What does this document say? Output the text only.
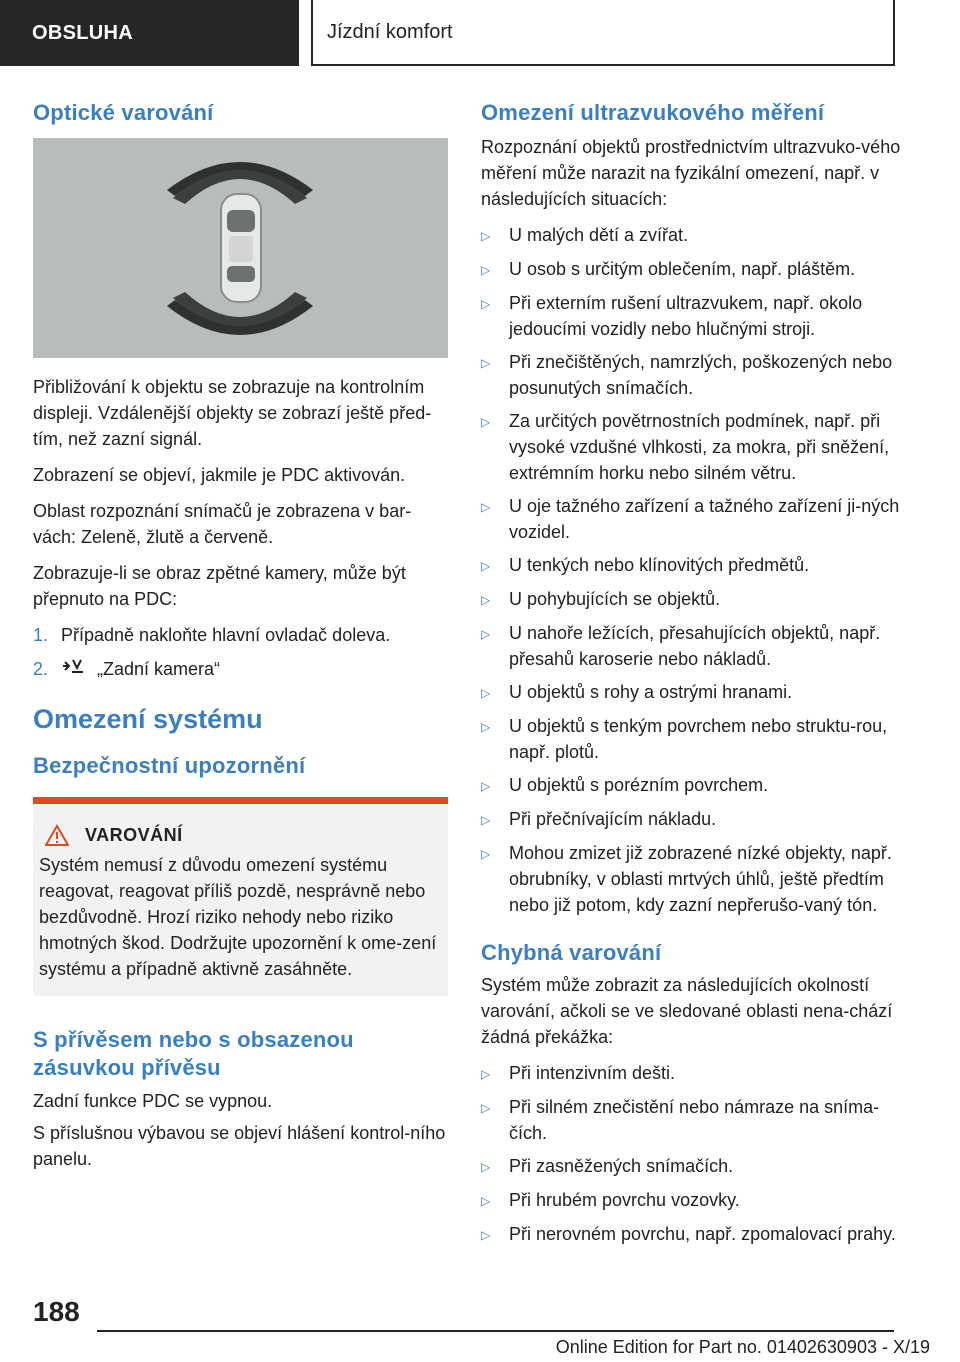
OBSLUHA	Jízdní komfort
Optické varování

Přibližování k objektu se zobrazuje na kontrolním displeji. Vzdálenější objekty se zobrazí ještě před-tím, než zazní signál.

Zobrazení se objeví, jakmile je PDC aktivován.

Oblast rozpoznání snímačů je zobrazena v bar-vách: Zeleně, žlutě a červeně.

Zobrazuje-li se obraz zpětné kamery, může být přepnuto na PDC:

1. Případně nakloňte hlavní ovladač doleva.
2.	„Zadní kamera“
Omezení systému
Bezpečnostní upozornění
VAROVÁNÍ

Systém nemusí z důvodu omezení systému reagovat, reagovat příliš pozdě, nesprávně nebo bezdůvodně. Hrozí riziko nehody nebo riziko hmotných škod. Dodržujte upozornění k ome-zení systému a případně aktivně zasáhněte.

S přívěsem nebo s obsazenou zásuvkou přívěsu

Zadní funkce PDC se vypnou.

S příslušnou výbavou se objeví hlášení kontrol-ního panelu.

Omezení ultrazvukového měření

Rozpoznání objektů prostřednictvím ultrazvuko-vého měření může narazit na fyzikální omezení, např. v následujících situacích:

▷	U malých dětí a zvířat.
▷	U osob s určitým oblečením, např. pláštěm.
▷	Při externím rušení ultrazvukem, např. okolo jedoucími vozidly nebo hlučnými stroji.
▷	Při znečištěných, namrzlých, poškozených nebo posunutých snímačích.
▷	Za určitých povětrnostních podmínek, např. při vysoké vzdušné vlhkosti, za mokra, při sněžení, extrémním horku nebo silném větru.
▷	U oje tažného zařízení a tažného zařízení ji-ných vozidel.
▷	U tenkých nebo klínovitých předmětů.
▷	U pohybujících se objektů.
▷	U nahoře ležících, přesahujících objektů, např. přesahů karoserie nebo nákladů.
▷	U objektů s rohy a ostrými hranami.
▷	U objektů s tenkým povrchem nebo struktu-rou, např. plotů.
▷	U objektů s porézním povrchem.
▷	Při přečnívajícím nákladu.
▷	Mohou zmizet již zobrazené nízké objekty, např. obrubníky, v oblasti mrtvých úhlů, ještě předtím nebo již potom, kdy zazní nepřerušo-vaný tón.
Chybná varování

Systém může zobrazit za následujících okolností varování, ačkoli se ve sledované oblasti nena-chází žádná překážka:

▷	Při intenzivním dešti.
▷	Při silném znečistění nebo námraze na sníma-čích.
▷	Při zasněžených snímačích.
▷	Při hrubém povrchu vozovky.
▷	Při nerovném povrchu, např. zpomalovací prahy.
188
Online Edition for Part no. 01402630903 - X/19
